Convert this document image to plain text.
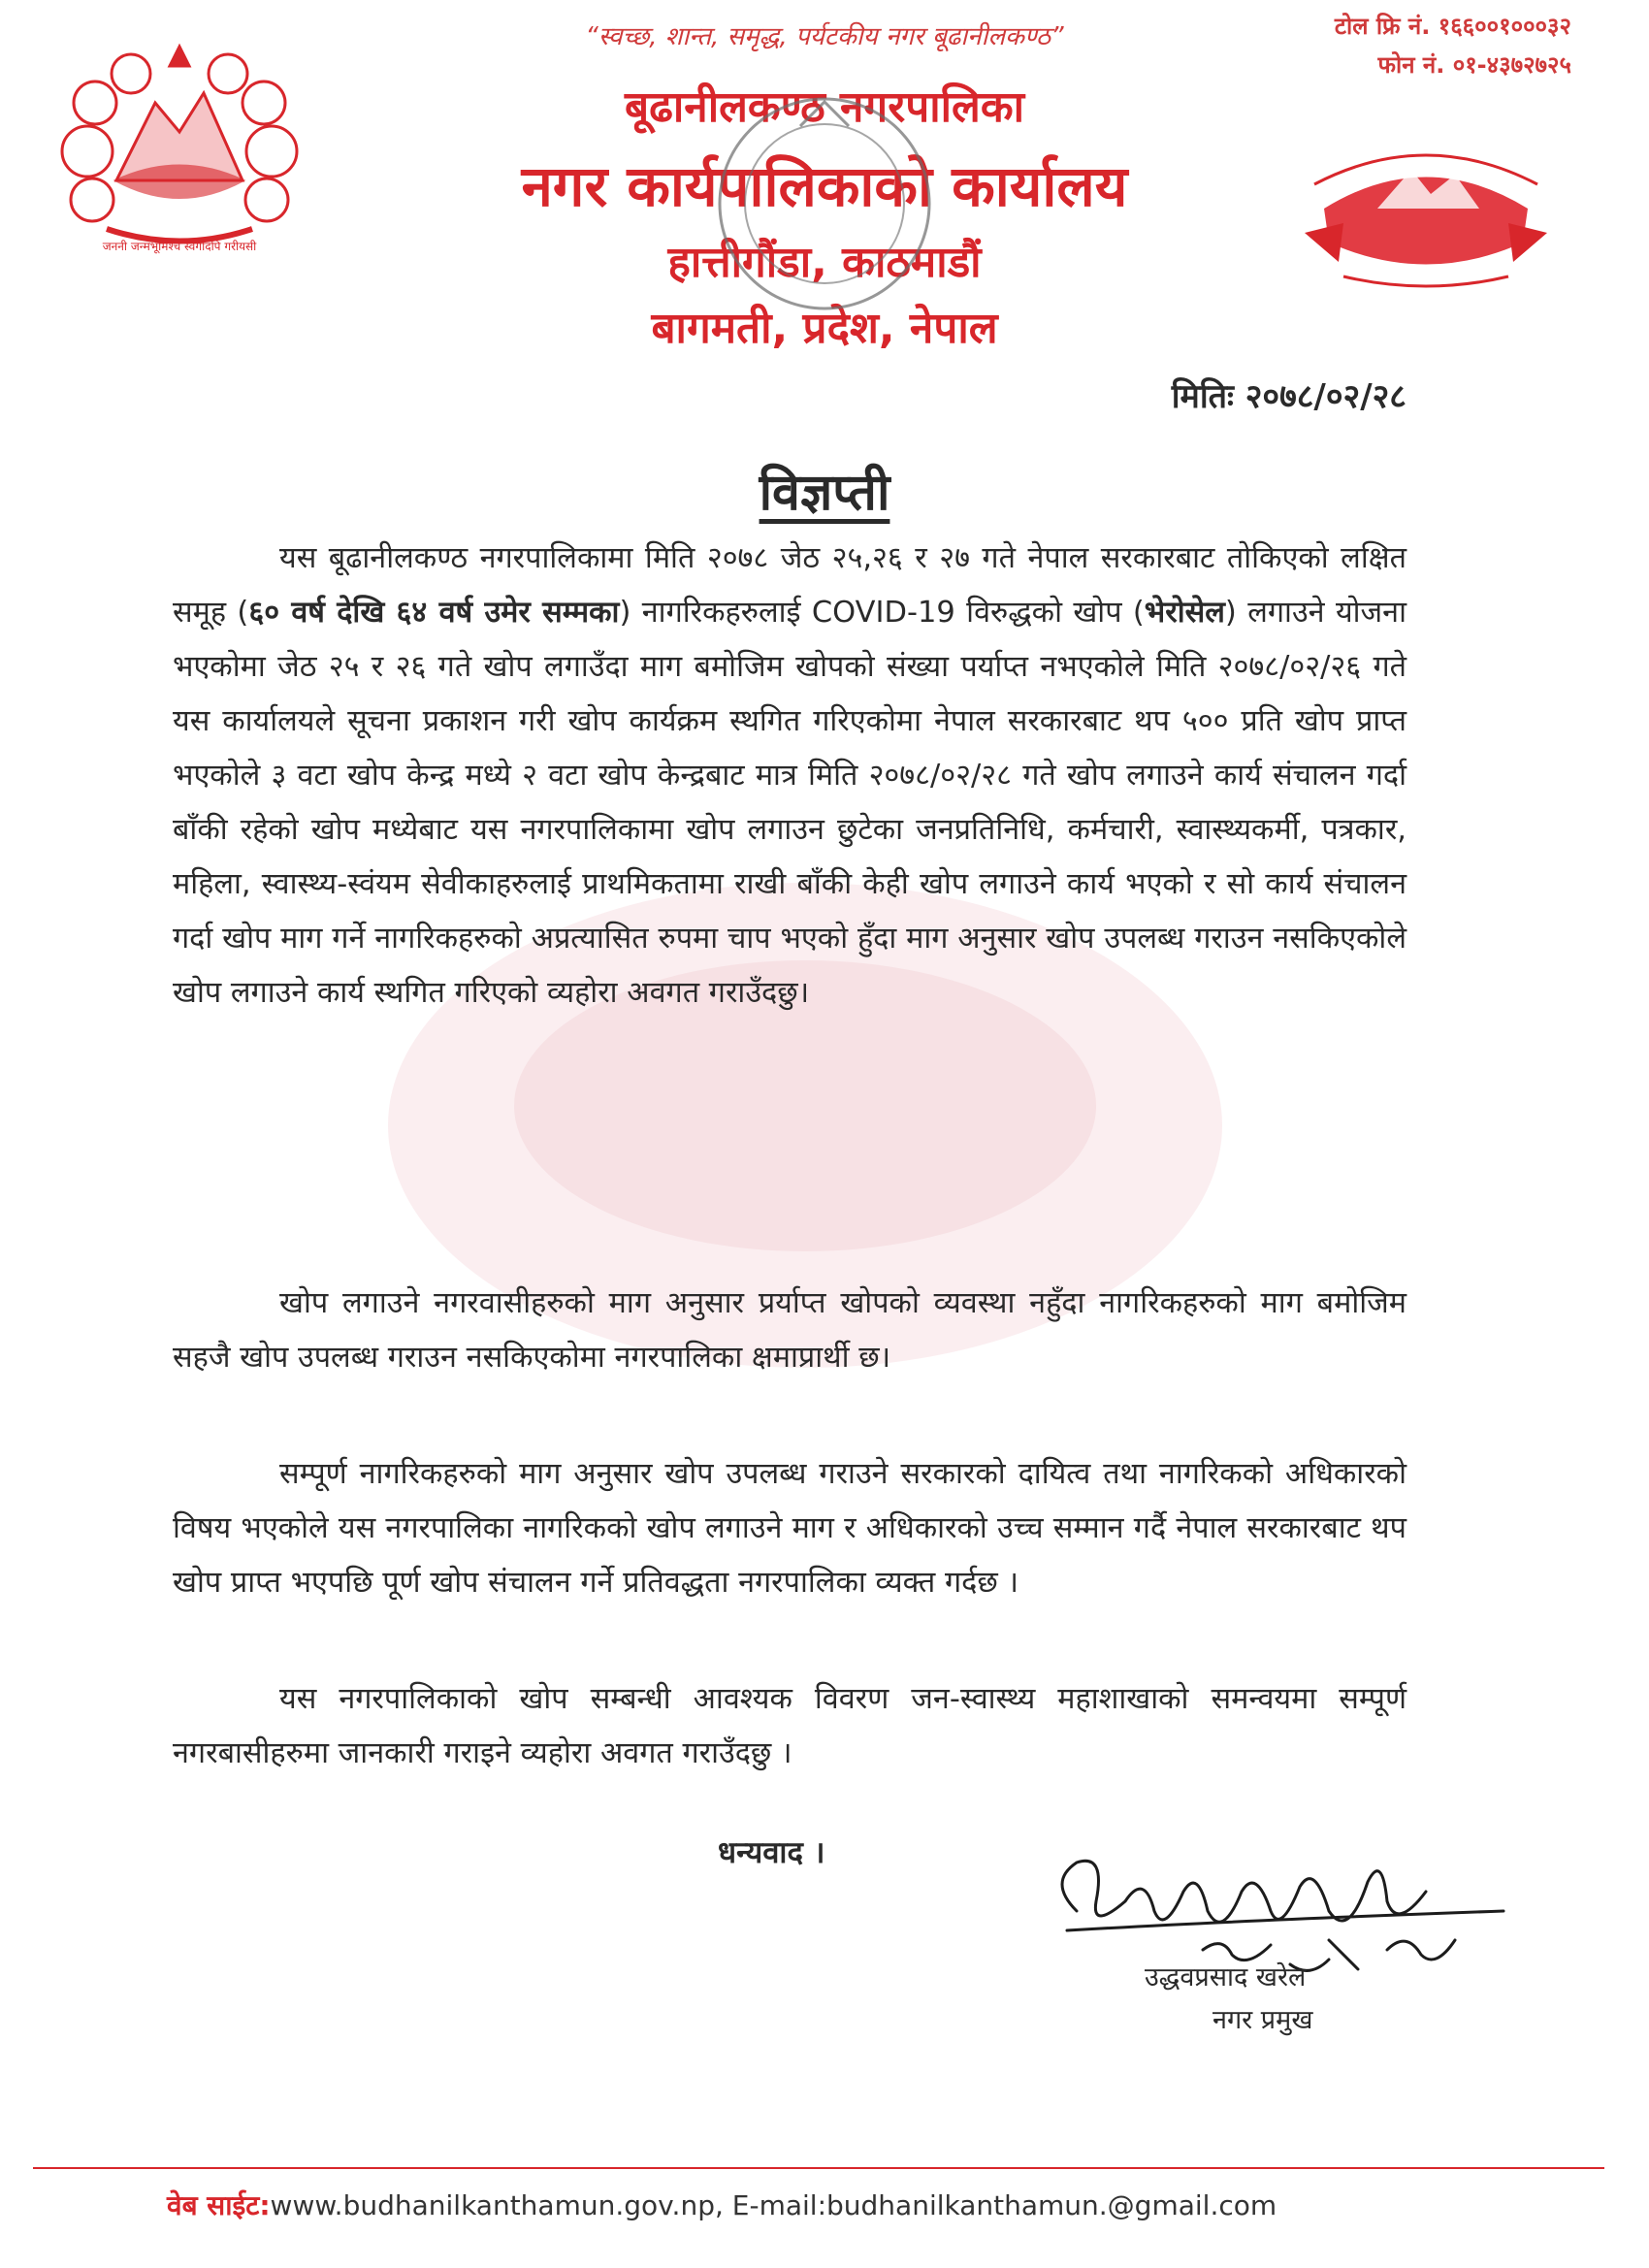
जननी जन्मभूमिश्च स्वर्गादपि गरीयसी
“स्वच्छ, शान्त, समृद्ध, पर्यटकीय नगर बूढानीलकण्ठ”	टोल फ्रि नं. १६६००१०००३२
फोन नं. ०१-४३७२७२५
बूढानीलकण्ठ नगरपालिका
नगर कार्यपालिकाको कार्यालय
हात्तीगौंडा, काठमाडौं
बागमती, प्रदेश, नेपाल
मितिः २०७८/०२/२८
विज्ञप्ती

यस बूढानीलकण्ठ नगरपालिकामा मिति २०७८ जेठ २५,२६ र २७ गते नेपाल सरकारबाट तोकिएको लक्षित समूह (६० वर्ष देखि ६४ वर्ष उमेर सम्मका) नागरिकहरुलाई COVID-19 विरुद्धको खोप (भेरोसेल) लगाउने योजना भएकोमा जेठ २५ र २६ गते खोप लगाउँदा माग बमोजिम खोपको संख्या पर्याप्त नभएकोले मिति २०७८/०२/२६ गते यस कार्यालयले सूचना प्रकाशन गरी खोप कार्यक्रम स्थगित गरिएकोमा नेपाल सरकारबाट थप ५०० प्रति खोप प्राप्त भएकोले ३ वटा खोप केन्द्र मध्ये २ वटा खोप केन्द्रबाट मात्र मिति २०७८/०२/२८ गते खोप लगाउने कार्य संचालन गर्दा बाँकी रहेको खोप मध्येबाट यस नगरपालिकामा खोप लगाउन छुटेका जनप्रतिनिधि, कर्मचारी, स्वास्थ्यकर्मी, पत्रकार, महिला, स्वास्थ्य-स्वंयम सेवीकाहरुलाई प्राथमिकतामा राखी बाँकी केही खोप लगाउने कार्य भएको र सो कार्य संचालन गर्दा खोप माग गर्ने नागरिकहरुको अप्रत्यासित रुपमा चाप भएको हुँदा माग अनुसार खोप उपलब्ध गराउन नसकिएकोले खोप लगाउने कार्य स्थगित गरिएको व्यहोरा अवगत गराउँदछु।

खोप लगाउने नगरवासीहरुको माग अनुसार प्रर्याप्त खोपको व्यवस्था नहुँदा नागरिकहरुको माग बमोजिम सहजै खोप उपलब्ध गराउन नसकिएकोमा नगरपालिका क्षमाप्रार्थी छ।

सम्पूर्ण नागरिकहरुको माग अनुसार खोप उपलब्ध गराउने सरकारको दायित्व तथा नागरिकको अधिकारको विषय भएकोले यस नगरपालिका नागरिकको खोप लगाउने माग र अधिकारको उच्च सम्मान गर्दै नेपाल सरकारबाट थप खोप प्राप्त भएपछि पूर्ण खोप संचालन गर्ने प्रतिवद्धता नगरपालिका व्यक्त गर्दछ ।

यस नगरपालिकाको खोप सम्बन्धी आवश्यक विवरण जन-स्वास्थ्य महाशाखाको समन्वयमा सम्पूर्ण नगरबासीहरुमा जानकारी गराइने व्यहोरा अवगत गराउँदछु ।

धन्यवाद ।
उद्धवप्रसाद खरेल
नगर प्रमुख
वेब साईट:www.budhanilkanthamun.gov.np, E-mail:budhanilkanthamun.@gmail.com
